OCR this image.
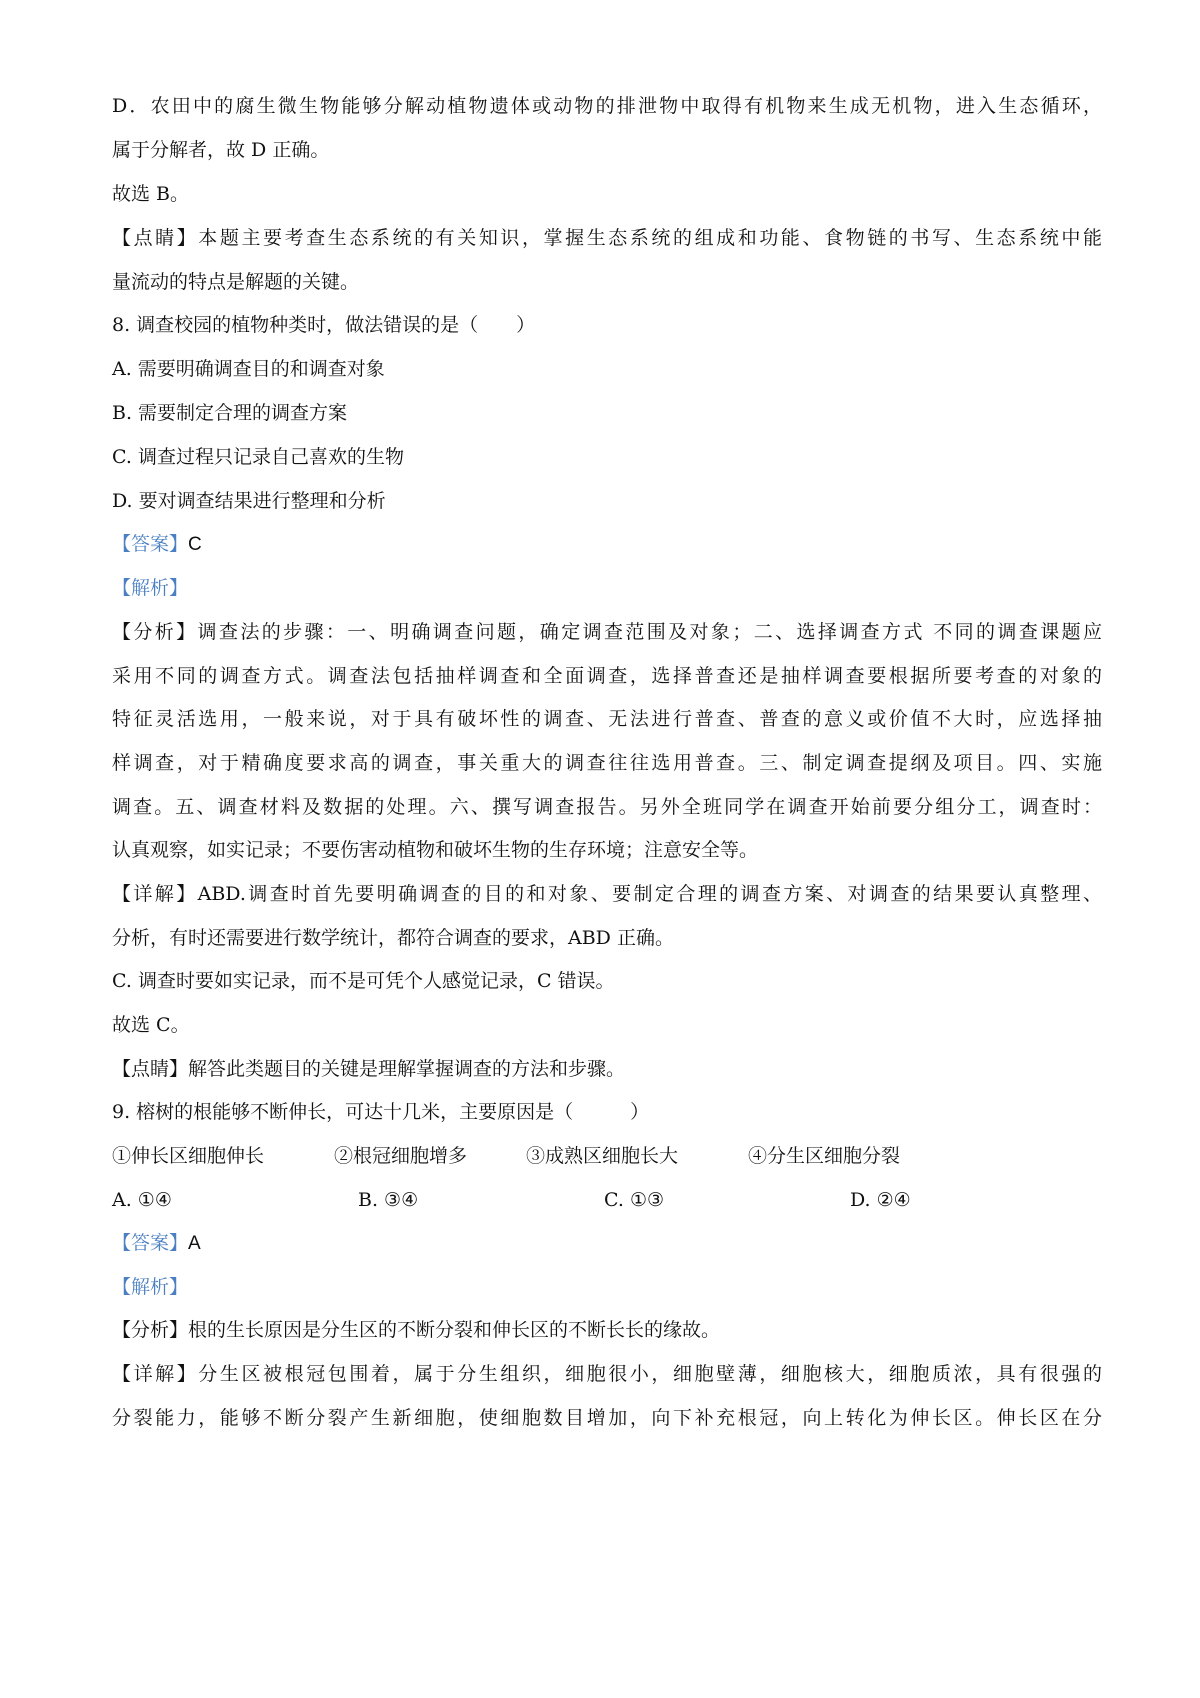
D．农田中的腐生微生物能够分解动植物遗体或动物的排泄物中取得有机物来生成无机物，进入生态循环，
属于分解者，故 D 正确。
故选 B。
【点睛】本题主要考查生态系统的有关知识，掌握生态系统的组成和功能、食物链的书写、生态系统中能
量流动的特点是解题的关键。
8. 调查校园的植物种类时，做法错误的是（　　）
A. 需要明确调查目的和调查对象
B. 需要制定合理的调查方案
C. 调查过程只记录自己喜欢的生物
D. 要对调查结果进行整理和分析
【答案】C
【解析】
【分析】调查法的步骤：一、明确调查问题，确定调查范围及对象；二、选择调查方式 不同的调查课题应
采用不同的调查方式。调查法包括抽样调查和全面调查，选择普查还是抽样调查要根据所要考查的对象的
特征灵活选用，一般来说，对于具有破坏性的调查、无法进行普查、普查的意义或价值不大时，应选择抽
样调查，对于精确度要求高的调查，事关重大的调查往往选用普查。三、制定调查提纲及项目。四、实施
调查。五、调查材料及数据的处理。六、撰写调查报告。另外全班同学在调查开始前要分组分工，调查时：
认真观察，如实记录；不要伤害动植物和破坏生物的生存环境；注意安全等。
【详解】ABD.调查时首先要明确调查的目的和对象、要制定合理的调查方案、对调查的结果要认真整理、
分析，有时还需要进行数学统计，都符合调查的要求，ABD 正确。
C. 调查时要如实记录，而不是可凭个人感觉记录，C 错误。
故选 C。
【点睛】解答此类题目的关键是理解掌握调查的方法和步骤。
9. 榕树的根能够不断伸长，可达十几米，主要原因是（　　　）
①伸长区细胞伸长	②根冠细胞增多	③成熟区细胞长大	④分生区细胞分裂
A. ①④	B. ③④	C. ①③	D. ②④
【答案】A
【解析】
【分析】根的生长原因是分生区的不断分裂和伸长区的不断长长的缘故。
【详解】分生区被根冠包围着，属于分生组织，细胞很小，细胞壁薄，细胞核大，细胞质浓，具有很强的
分裂能力，能够不断分裂产生新细胞，使细胞数目增加，向下补充根冠，向上转化为伸长区。伸长区在分
